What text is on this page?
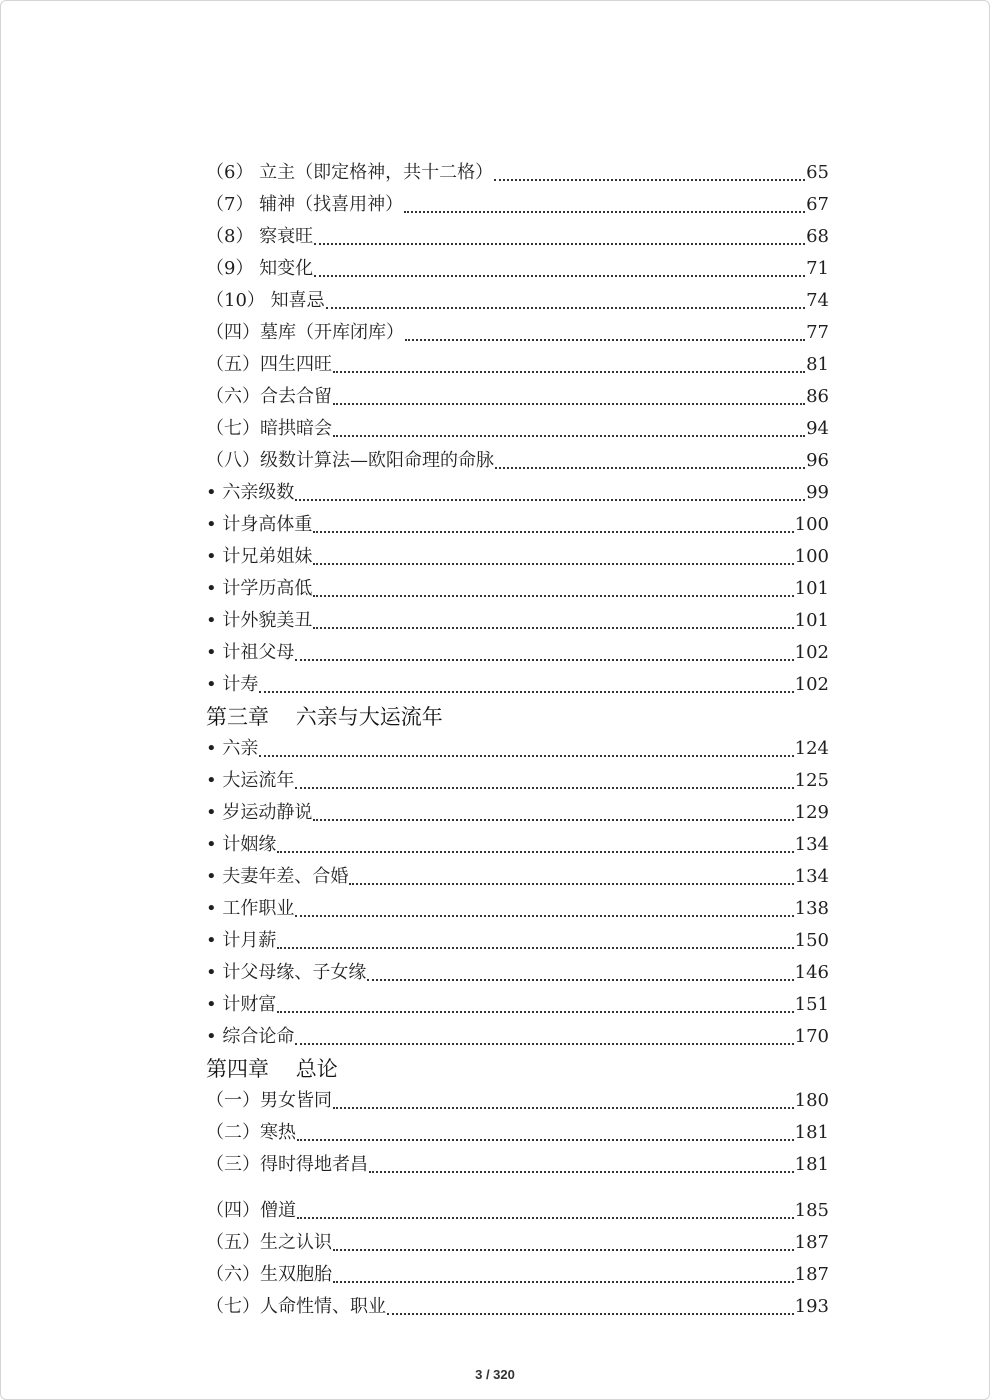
（6） 立主（即定格神，共十二格）	65
（7） 辅神（找喜用神）	67
（8） 察衰旺	68
（9） 知变化	71
（10） 知喜忌	74
（四）墓库（开库闭库）	77
（五）四生四旺	81
（六）合去合留	86
（七）暗拱暗会	94
（八）级数计算法—欧阳命理的命脉	96
• 六亲级数	99
• 计身高体重	100
• 计兄弟姐妹	100
• 计学历高低	101
• 计外貌美丑	101
• 计祖父母	102
• 计寿	102
第三章    六亲与大运流年
• 六亲	124
• 大运流年	125
• 岁运动静说	129
• 计姻缘	134
• 夫妻年差、合婚	134
• 工作职业	138
• 计月薪	150
• 计父母缘、子女缘	146
• 计财富	151
• 综合论命	170
第四章    总论
（一）男女皆同	180
（二）寒热	181
（三）得时得地者昌	181
（四）僧道	185
（五）生之认识	187
（六）生双胞胎	187
（七）人命性情、职业	193
3 / 320
